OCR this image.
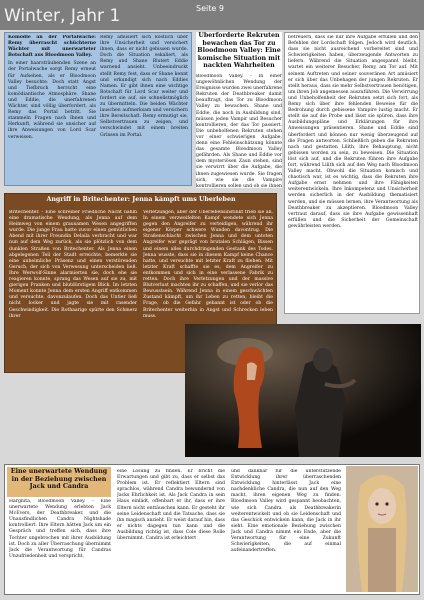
Winter, Jahr 1	Seite 9

Komödie an der Portalwache: Remy überrascht schüchterne Wächter mit unerwarteter Botschaft aus Bloodmoon Valley.

In einer haarsträubenden Szene an der Portalwache sorgt Remy erneut für Aufsehen, als er Bloodmoon Valley besuchte. Doch statt Angst und Tiefbruch herrscht eine komödiantische Atmosphäre. Shane und Eddie, die unerfahrenen Wächter, sind völlig überfordert, als Remy das Portal betritt. Sie stammeln Fragen nach Ihnen und Herkunft, während sie unsicher auf ihre Anweisungen von Lord Scar verweisen.

Remy amüsiert sich köstlich über ihre Unsicherheit und versichert ihnen, dass er nicht gebissen wurde. Doch die Situation eskaliert, als Remy und Shane Blutert Eddie warnend ansieht. Unbeeindruckt stellt Remy fest, dass er Shane kennt und erkundigt sich nach Eddies Namen. Er gibt ihnen eine wichtige Botschaft für Lord Scar weiter und fordert sie auf, sie schnellstmöglich zu übermitteln. Die beiden Wächter lauschen aufmerksam und versichern ihre Bereitschaft. Remy ermutigt sie, Selbstvertrauen zu zeigen, und verschwindet mit einem breiten Grinsen im Portal.

Überforderte Rekruten bewachen das Tor zu Bloodmoon Valley: Eine komische Situation mit nackten Wahrheiten

Bloodmoon Valley. - In einer ungewöhnlichen Wendung der Ereignisse wurden zwei unerfahrene Rekruten der Deathbreaker damit beauftragt, das Tor zu Bloodmoon Valley zu bewachen. Shane und Eddie, die noch in Ausbildung sind, müssen jeden Vampir und Besucher kontrollieren, der das Tor passiert. Die unbeholfenen Rekruten stehen vor einer schwierigen Aufgabe, denn eine Fehleinschätzung könnte das gesamte Bloodmoon Valley gefährden. Als Shane und Eddie vor dem mysteriösen Zaun stehen, sind sie verwirrt über die Aufgabe, die ihnen zugewiesen wurde. Sie fragen sich, wie sie die Vampire kontrollieren sollen und ob sie ihnen

betreuern, dass sie nur ihre Aufgabe erfüllen und den Befehlen der Lordschaft folgen. Jedoch wird deutlich, dass sie nicht ausreichend vorbereitet sind und Schwierigkeiten haben, überzeugende Antworten zu liefern. Während die Situation angespannt bleibt, wartet ein weiterer Besucher, Remy, am Tor auf. Mit seinem Auftreten und seiner souveränen Art amüsiert er sich über das Unbehagen der jungen Rekruten. Er stellt heraus, dass sie mehr Selbstvertrauen benötigen, um ihren Job angemessen auszuführen. Die Verwirrung und Unbeholfenheit der Rekruten setzt sich fort, als Remy sich über ihre fehlenden Beweise für die Bedrohung durch gebissene Vampire lustig macht. Er stellt sie auf die Probe und lässt sie spüren, dass ihre Ausbildungspläne und Erklärungen für ihre Anweisungen präsentieren. Shane und Eddie sind überfordert und können nur wenig überzeugend auf die Fragen antworten. Schließlich geben die Rekruten nach und gestatten Lilith, ihre Behauptung, nicht gebissen worden zu sein, zu beweisen. Die Situation löst sich auf, und die Rekruten führen ihre Aufgabe fort, während Lilith sich auf den Weg nach Bloodmoon Valley macht. Obwohl die Situation komisch und chaotisch war, ist es wichtig, dass die Rekruten ihre Aufgabe ernst nehmen und ihre Fähigkeiten weiterentwickeln. Ihre Inkompetenz und Unsicherheit werden sicherlich in der Ausbildung thematisiert werden, und sie müssen lernen, ihre Verantwortung als Deathbreaker zu akzeptieren. Bloodmoon Valley vertraut darauf, dass sie ihre Aufgabe gewissenhaft erfüllen und die Sicherheit der Gemeinschaft gewährleisten werden.

Angriff in Britechenter: Jenna kämpft ums Überleben

Britechenter. - Eine schreiber Friedliche Nacht nahm eine dramatische Wendung, als Jenna auf dem Heimweg von einem grausamen Wesen angegriffen wurde. Die junge Frau hatte zuvor einen gemütlichen Abend mit ihrer Freundin Delaila verbracht und war nun auf dem Weg zurück, als sie plötzlich von dem dunklen Straßen von Britechenter. Als Jenna einen abgelegenen Teil der Stadt erreichte, bemerkte sie eine unheimliche Präsenz und einen verstörenden Geruch, der sich von Verwesung unterscheiden ließ. Ihre Werwolf-Sinne alarmierten sie, doch ehe sie reagieren konnte, sprang das Wesen auf sie zu, mit gierigen Pranken und blutdürstigem Blick. Im letzten Moment konnte Jenna dem ersten Angriff entkommen und versuchte, davonzulaufen. Doch das Untier ließ nicht locker und jagte sie mit rasender Geschwindigkeit. Die Rothaarige spürte den Schmerz ihrer

Verletzungen, aber der Überlebensinstinkt trieb sie an. In einem verzweifelten Kampf wendete sich Jenna gegen den Angreifer zu verteidigen, während ihr eigener Körper schwere Wunden davontrug. Die Straßenschlacht zwischen Jenna und dem untoten Angreifer war geprägt von brutalen Schlägen, Bissen und einem alles durchdringenden Gestank des Todes. Jenna wusste, dass sie in diesem Kampf keine Chance hatte, und versuchte mit letzter Kraft zu fliehen. Mit letzter Kraft schaffte sie es, dem Angreifer zu entkommen und sich in eine verlassene Fabrik zu retten. Doch ihre Verletzungen und der massive Blutverlust machten ihr zu schaffen, und sie verlor das Bewusstsein. Während Jenna in einem geschwächten Zustand kämpft, um ihr Leben zu retten, bleibt die Frage, ob die Gefahr gebannt ist oder ob die Britechenter weiterhin in Angst und Schrecken leben muss.

Eine unerwartete Wendung in der Beziehung zwischen Jack und Candra

Harghita, Bloodmoon Valley. - Eine unerwartete Wendung erlebten Jack McEvers, der Deathbreaker, und die Unausfindlichen Candra Nightshade kontrolliert. Ihre Eltern hätten Jack um ein Gespräch und treffen sich, dass ihre Tochter ungebrochen mit ihrer Ausbildung ist. Doch zu aller Überraschung übernimmt Jack die Verantwortung für Candras Unzufriedenheit und verspricht,

eine Lösung zu finden. Er bricht die Erwartungen und gibt zu, dass er selbst das Problem ist. Er reflektiert Eltern sind sprachlos, während Candra bewundernd von Jacks Ehrlichkeit ist. Als Jack Candra in sein Haus einlädt, offenbart er ihr, dass er ihre Eltern nicht enttäuschen kann. Er gesteht ihr seine Leidenschaft und die Tatsache, dass sie ihn magisch anzieht. Er weist darauf hin, dass er nichts dagegen tun kann und die Ausbildung richtig ist, dass Cole diese Rolle übernimmt. Candra ist erleichtert

und dankbar für die unterstützende Entwicklung ihrer überraschenden Entwicklung hinterlässt Jack eine nachdenkliche Candra, die nun auf den Weg macht, ihren eigenen Weg zu finden. Bloodmoon Valley wird gespannt beobachten, wie sich Candra als Deathbreakerin weiterentwickelt und ob sie Leidenschaft und das Geschick entwickeln kann, die Jack in ihr sieht. Eine emotionale Beziehung zwischen Jack und Candra nimmt ein Ende, aber die Verantwortung für eine Zukunft Schwierigkeiten, die auf einmal aufeinandertreffen.
